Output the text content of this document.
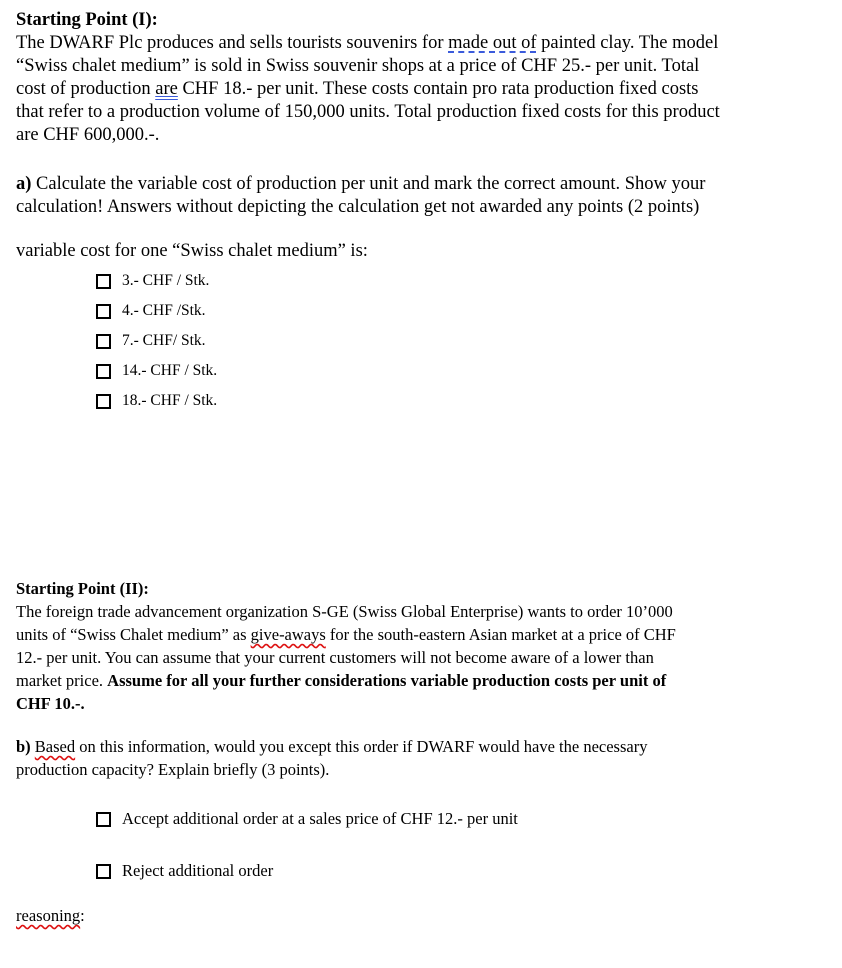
Starting Point (I):
The DWARF Plc produces and sells tourists souvenirs for made out of painted clay. The model
“Swiss chalet medium” is sold in Swiss souvenir shops at a price of CHF 25.- per unit. Total
cost of production are CHF 18.- per unit. These costs contain pro rata production fixed costs
that refer to a production volume of 150,000 units. Total production fixed costs for this product
are CHF 600,000.-.
a) Calculate the variable cost of production per unit and mark the correct amount. Show your
calculation! Answers without depicting the calculation get not awarded any points (2 points)
variable cost for one “Swiss chalet medium” is:
3.- CHF / Stk.
4.- CHF /Stk.
7.- CHF/ Stk.
14.- CHF / Stk.
18.- CHF / Stk.
Starting Point (II):
The foreign trade advancement organization S-GE (Swiss Global Enterprise) wants to order 10’000
units of “Swiss Chalet medium” as give-aways for the south-eastern Asian market at a price of CHF
12.- per unit. You can assume that your current customers will not become aware of a lower than
market price. Assume for all your further considerations variable production costs per unit of
CHF 10.-.
b) Based on this information, would you except this order if DWARF would have the necessary
production capacity? Explain briefly (3 points).
Accept additional order at a sales price of CHF 12.- per unit
Reject additional order
reasoning:
